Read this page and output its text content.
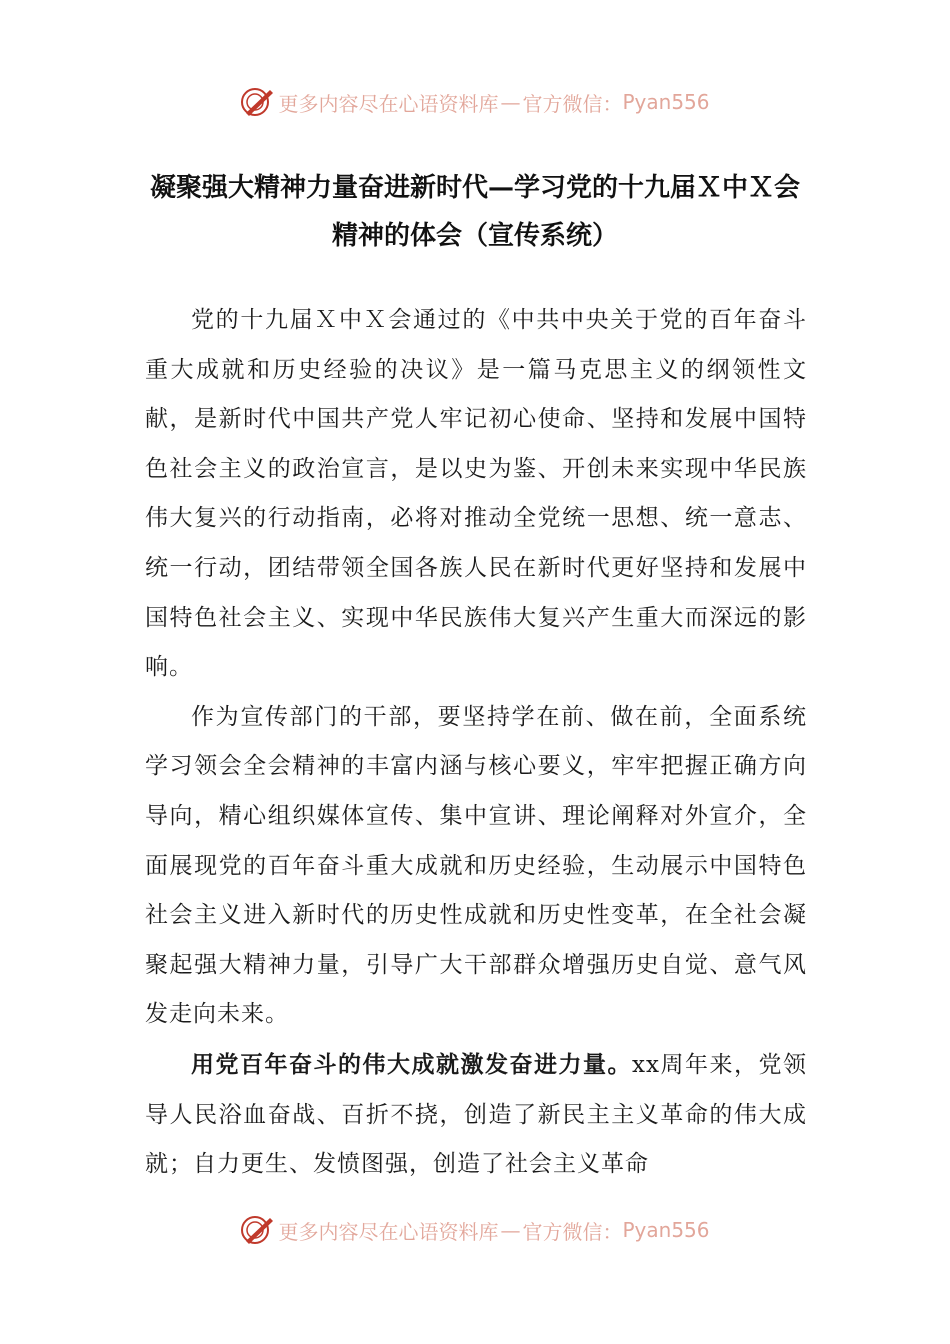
更多内容尽在心语资料库 — 官方微信： Pyan556
凝聚强大精神力量奋进新时代—学习党的十九届Ｘ中Ｘ会
精神的体会（宣传系统）

党的十九届Ｘ中Ｘ会通过的《中共中央关于党的百年奋斗重大成就和历史经验的决议》是一篇马克思主义的纲领性文献，是新时代中国共产党人牢记初心使命、坚持和发展中国特色社会主义的政治宣言，是以史为鉴、开创未来实现中华民族伟大复兴的行动指南，必将对推动全党统一思想、统一意志、统一行动，团结带领全国各族人民在新时代更好坚持和发展中国特色社会主义、实现中华民族伟大复兴产生重大而深远的影响。

作为宣传部门的干部，要坚持学在前、做在前，全面系统学习领会全会精神的丰富内涵与核心要义，牢牢把握正确方向导向，精心组织媒体宣传、集中宣讲、理论阐释对外宣介，全面展现党的百年奋斗重大成就和历史经验，生动展示中国特色社会主义进入新时代的历史性成就和历史性变革，在全社会凝聚起强大精神力量，引导广大干部群众增强历史自觉、意气风发走向未来。

用党百年奋斗的伟大成就激发奋进力量。xx周年来，党领导人民浴血奋战、百折不挠，创造了新民主主义革命的伟大成就；自力更生、发愤图强，创造了社会主义革命

更多内容尽在心语资料库 — 官方微信： Pyan556
